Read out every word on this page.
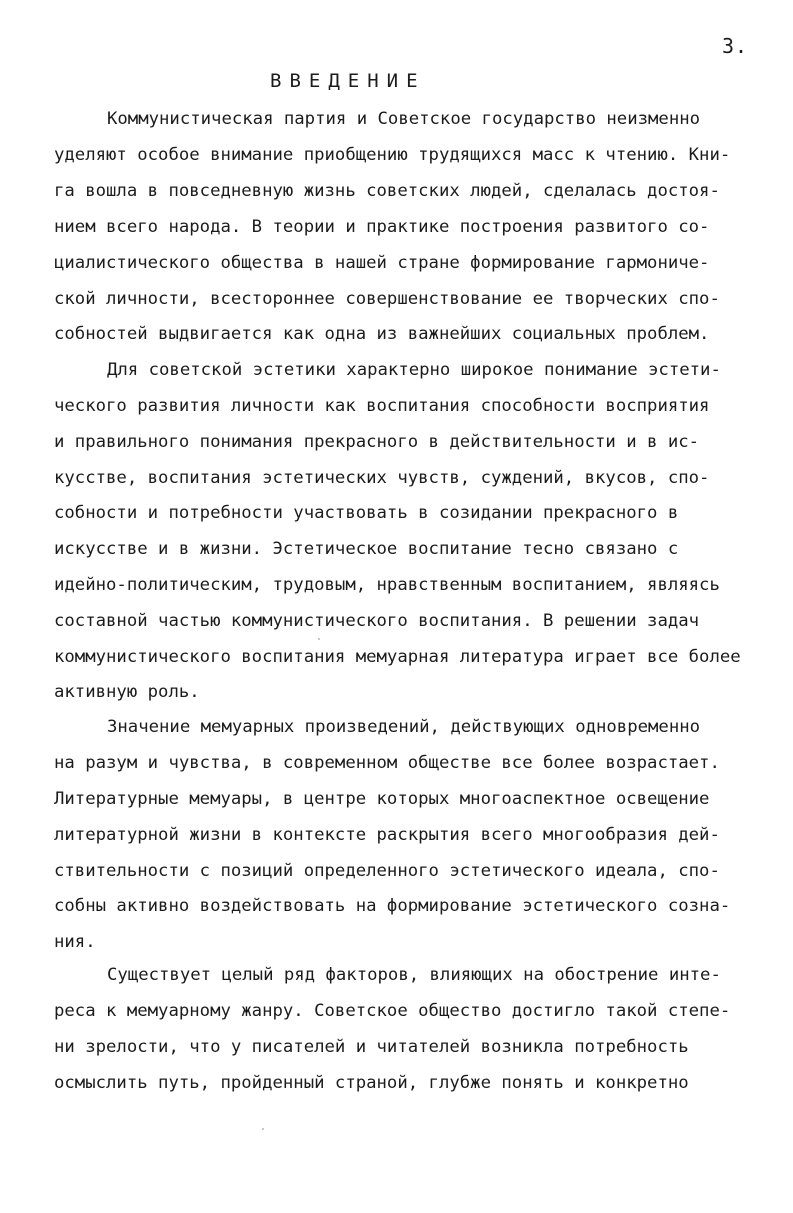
3.
ВВЕДЕНИЕ
Коммунистическая партия и Советское государство неизменно
уделяют особое внимание приобщению трудящихся масс к чтению. Кни-
га вошла в повседневную жизнь советских людей, сделалась достоя-
нием всего народа. В теории и практике построения развитого со-
циалистического общества в нашей стране формирование гармониче-
ской личности, всестороннее совершенствование ее творческих спо-
собностей выдвигается как одна из важнейших социальных проблем.
Для советской эстетики характерно широкое понимание эстети-
ческого развития личности как воспитания способности восприятия
и правильного понимания прекрасного в действительности и в ис-
кусстве, воспитания эстетических чувств, суждений, вкусов, спо-
собности и потребности участвовать в созидании прекрасного в
искусстве и в жизни. Эстетическое воспитание тесно связано с
идейно-политическим, трудовым, нравственным воспитанием, являясь
составной частью коммунистического воспитания. В решении задач
коммунистического воспитания мемуарная литература играет все более
активную роль.
Значение мемуарных произведений, действующих одновременно
на разум и чувства, в современном обществе все более возрастает.
Литературные мемуары, в центре которых многоаспектное освещение
литературной жизни в контексте раскрытия всего многообразия дей-
ствительности с позиций определенного эстетического идеала, спо-
собны активно воздействовать на формирование эстетического созна-
ния.
Существует целый ряд факторов, влияющих на обострение инте-
реса к мемуарному жанру. Советское общество достигло такой степе-
ни зрелости, что у писателей и читателей возникла потребность
осмыслить путь, пройденный страной, глубже понять и конкретно
